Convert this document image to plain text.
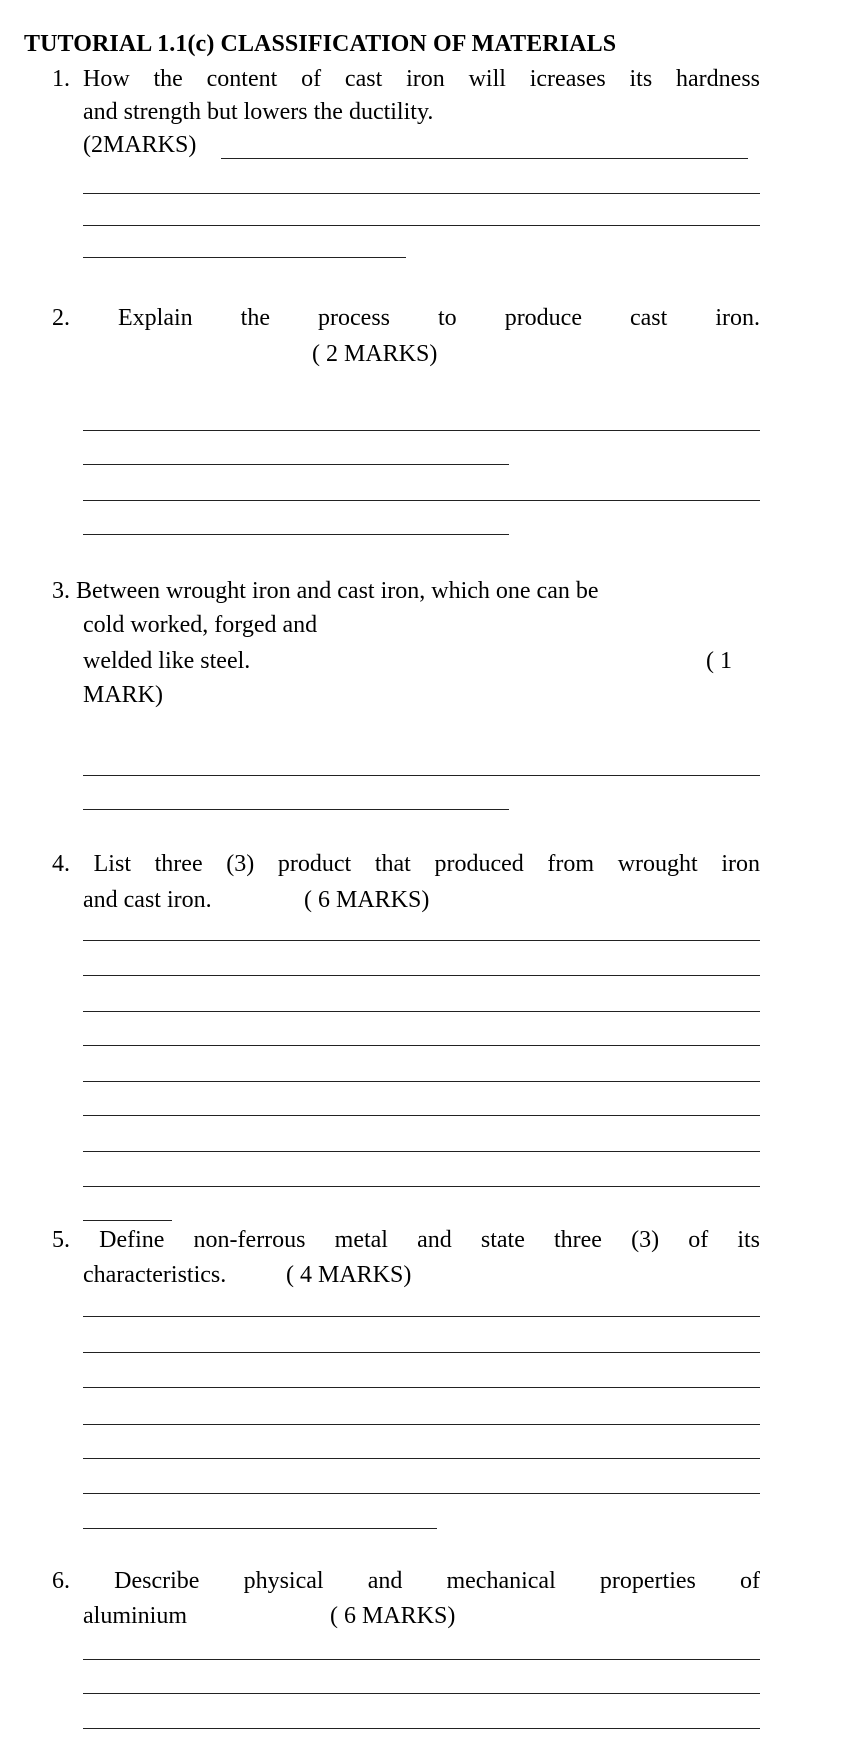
TUTORIAL 1.1(c) CLASSIFICATION OF MATERIALS
1. How the content of cast iron will icreases its hardness
and strength but lowers the ductility.
(2MARKS)
2. Explain the process to produce cast iron.
( 2 MARKS)
3. Between wrought iron and cast iron, which one can be
cold worked, forged and
welded like steel.	( 1
MARK)
4. List three (3) product that produced from wrought iron
and cast iron.	( 6 MARKS)
5. Define non-ferrous metal and state three (3) of its
characteristics. ( 4 MARKS)
6. Describe physical and mechanical properties of
aluminium	( 6 MARKS)
